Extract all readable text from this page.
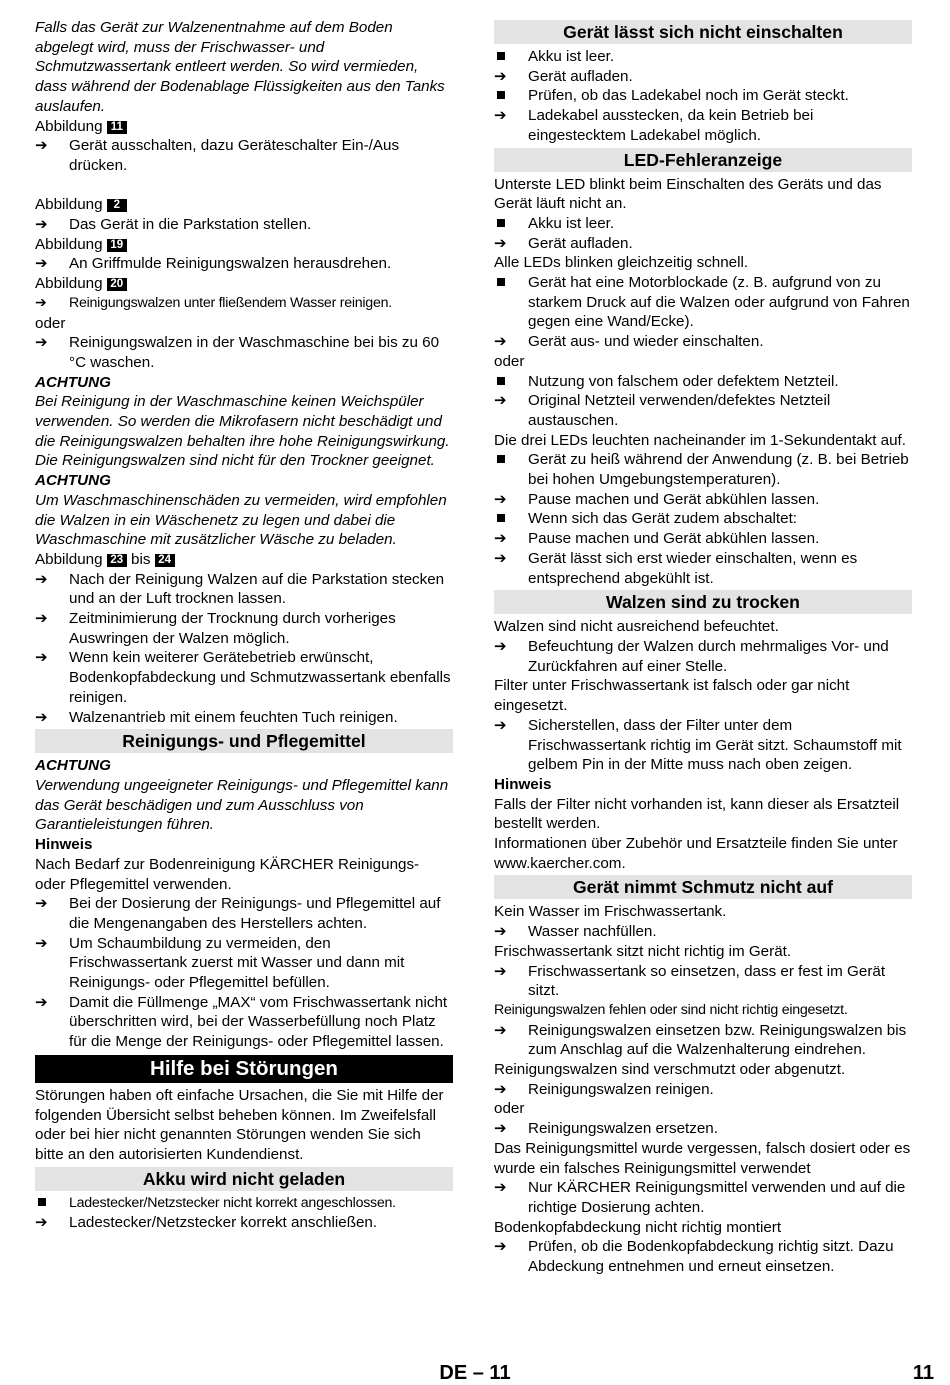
Falls das Gerät zur Walzenentnahme auf dem Boden abgelegt wird, muss der Frischwasser- und Schmutzwassertank entleert werden. So wird vermieden, dass während der Bodenablage Flüssigkeiten aus den Tanks auslaufen.

Abbildung 11

➔	Gerät ausschalten, dazu Geräteschalter Ein-/Aus drücken.

Abbildung 2

➔	Das Gerät in die Parkstation stellen.

Abbildung 19

➔	An Griffmulde Reinigungswalzen herausdrehen.

Abbildung 20

➔	Reinigungswalzen unter fließendem Wasser reinigen.

oder

➔	Reinigungswalzen in der Waschmaschine bei bis zu 60 °C waschen.

ACHTUNG

Bei Reinigung in der Waschmaschine keinen Weichspüler verwenden. So werden die Mikrofasern nicht beschädigt und die Reinigungswalzen behalten ihre hohe Reinigungswirkung.

Die Reinigungswalzen sind nicht für den Trockner geeignet.

ACHTUNG

Um Waschmaschinenschäden zu vermeiden, wird empfohlen die Walzen in ein Wäschenetz zu legen und dabei die Waschmaschine mit zusätzlicher Wäsche zu beladen.

Abbildung 23 bis 24

➔	Nach der Reinigung Walzen auf die Parkstation stecken und an der Luft trocknen lassen.
➔	Zeitminimierung der Trocknung durch vorheriges Auswringen der Walzen möglich.
➔	Wenn kein weiterer Gerätebetrieb erwünscht, Bodenkopfabdeckung und Schmutzwassertank ebenfalls reinigen.
➔	Walzenantrieb mit einem feuchten Tuch reinigen.
Reinigungs- und Pflegemittel

ACHTUNG

Verwendung ungeeigneter Reinigungs- und Pflegemittel kann das Gerät beschädigen und zum Ausschluss von Garantieleistungen führen.

Hinweis

Nach Bedarf zur Bodenreinigung KÄRCHER Reinigungs- oder Pflegemittel verwenden.

➔	Bei der Dosierung der Reinigungs- und Pflegemittel auf die Mengenangaben des Herstellers achten.
➔	Um Schaumbildung zu vermeiden, den Frischwassertank zuerst mit Wasser und dann mit Reinigungs- oder Pflegemittel befüllen.
➔	Damit die Füllmenge „MAX“ vom Frischwassertank nicht überschritten wird, bei der Wasserbefüllung noch Platz für die Menge der Reinigungs- oder Pflegemittel lassen.
Hilfe bei Störungen

Störungen haben oft einfache Ursachen, die Sie mit Hilfe der folgenden Übersicht selbst beheben können. Im Zweifelsfall oder bei hier nicht genannten Störungen wenden Sie sich bitte an den autorisierten Kundendienst.

Akku wird nicht geladen
Ladestecker/Netzstecker nicht korrekt angeschlossen.
➔	Ladestecker/Netzstecker korrekt anschließen.
Gerät lässt sich nicht einschalten
Akku ist leer.
➔	Gerät aufladen.
Prüfen, ob das Ladekabel noch im Gerät steckt.
➔	Ladekabel ausstecken, da kein Betrieb bei eingestecktem Ladekabel möglich.
LED-Fehleranzeige

Unterste LED blinkt beim Einschalten des Geräts und das Gerät läuft nicht an.

Akku ist leer.
➔	Gerät aufladen.

Alle LEDs blinken gleichzeitig schnell.

Gerät hat eine Motorblockade (z. B. aufgrund von zu starkem Druck auf die Walzen oder aufgrund von Fahren gegen eine Wand/Ecke).
➔	Gerät aus- und wieder einschalten.

oder

Nutzung von falschem oder defektem Netzteil.
➔	Original Netzteil verwenden/defektes Netzteil austauschen.

Die drei LEDs leuchten nacheinander im 1-Sekundentakt auf.

Gerät zu heiß während der Anwendung (z. B. bei Betrieb bei hohen Umgebungstemperaturen).
➔	Pause machen und Gerät abkühlen lassen.
Wenn sich das Gerät zudem abschaltet:
➔	Pause machen und Gerät abkühlen lassen.
➔	Gerät lässt sich erst wieder einschalten, wenn es entsprechend abgekühlt ist.
Walzen sind zu trocken

Walzen sind nicht ausreichend befeuchtet.

➔	Befeuchtung der Walzen durch mehrmaliges Vor- und Zurückfahren auf einer Stelle.

Filter unter Frischwassertank ist falsch oder gar nicht eingesetzt.

➔	Sicherstellen, dass der Filter unter dem Frischwassertank richtig im Gerät sitzt. Schaumstoff mit gelbem Pin in der Mitte muss nach oben zeigen.

Hinweis

Falls der Filter nicht vorhanden ist, kann dieser als Ersatzteil bestellt werden.

Informationen über Zubehör und Ersatzteile finden Sie unter www.kaercher.com.

Gerät nimmt Schmutz nicht auf

Kein Wasser im Frischwassertank.

➔	Wasser nachfüllen.

Frischwassertank sitzt nicht richtig im Gerät.

➔	Frischwassertank so einsetzen, dass er fest im Gerät sitzt.

Reinigungswalzen fehlen oder sind nicht richtig eingesetzt.

➔	Reinigungswalzen einsetzen bzw. Reinigungswalzen bis zum Anschlag auf die Walzenhalterung eindrehen.

Reinigungswalzen sind verschmutzt oder abgenutzt.

➔	Reinigungswalzen reinigen.

oder

➔	Reinigungswalzen ersetzen.

Das Reinigungsmittel wurde vergessen, falsch dosiert oder es wurde ein falsches Reinigungsmittel verwendet

➔	Nur KÄRCHER Reinigungsmittel verwenden und auf die richtige Dosierung achten.

Bodenkopfabdeckung nicht richtig montiert

➔	Prüfen, ob die Bodenkopfabdeckung richtig sitzt. Dazu Abdeckung entnehmen und erneut einsetzen.
DE – 11	11
